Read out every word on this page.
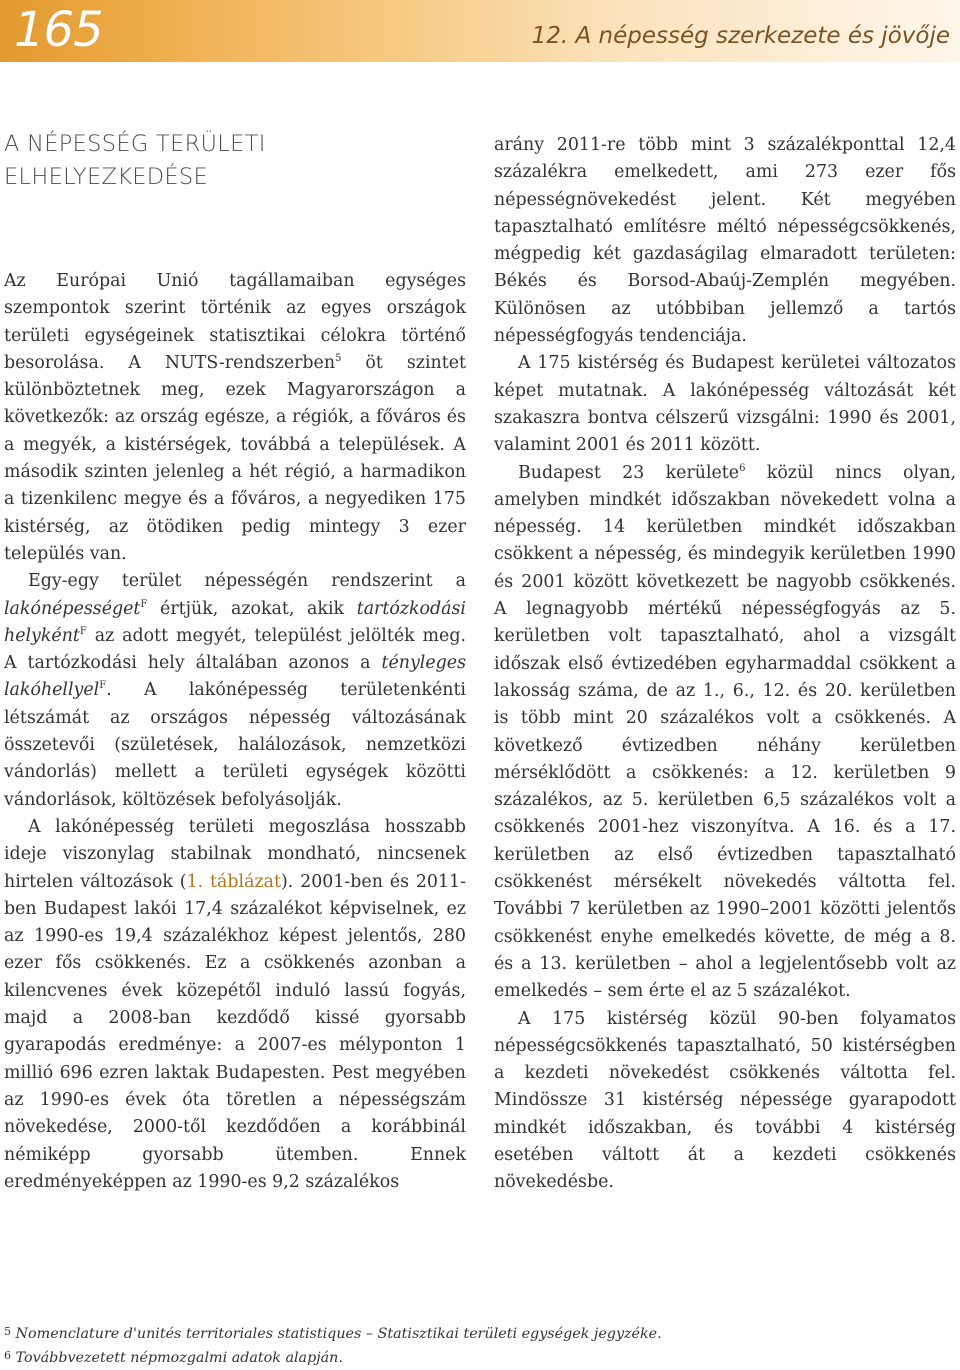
165	12. A népesség szerkezete és jövője
A NÉPESSÉG TERÜLETI
ELHELYEZKEDÉSE

Az Európai Unió tagállamaiban egységes szempontok szerint történik az egyes országok területi egységeinek statisztikai célokra történő besorolása. A NUTS-rendszerben$^5$ öt szintet különböztetnek meg, ezek Magyarországon a következők: az ország egésze, a régiók, a főváros és a megyék, a kistérségek, továbbá a települések. A második szinten jelenleg a hét régió, a harmadikon a tizenkilenc megye és a főváros, a negyediken 175 kistérség, az ötödiken pedig mintegy 3 ezer település van.

Egy-egy terület népességén rendszerint a lakónépességet$^F$ értjük, azokat, akik tartózkodási helyként$^F$ az adott megyét, települést jelölték meg. A tartózkodási hely általában azonos a tényleges lakóhellyel$^F$. A lakónépesség területenkénti létszámát az országos népesség változásának összetevői (születések, halálozások, nemzetközi vándorlás) mellett a területi egységek közötti vándorlások, költözések befolyásolják.

A lakónépesség területi megoszlása hosszabb ideje viszonylag stabilnak mondható, nincsenek hirtelen változások (1. táblázat). 2001-ben és 2011-ben Budapest lakói 17,4 százalékot képviselnek, ez az 1990-es 19,4 százalékhoz képest jelentős, 280 ezer fős csökkenés. Ez a csökkenés azonban a kilencvenes évek közepétől induló lassú fogyás, majd a 2008-ban kezdődő kissé gyorsabb gyarapodás eredménye: a 2007-es mélyponton 1 millió 696 ezren laktak Budapesten. Pest megyében az 1990-es évek óta töretlen a népességszám növekedése, 2000-től kezdődően a korábbinál némiképp gyorsabb ütemben. Ennek eredményeképpen az 1990-es 9,2 százalékos

arány 2011-re több mint 3 százalékponttal 12,4 százalékra emelkedett, ami 273 ezer fős népességnövekedést jelent. Két megyében tapasztalható említésre méltó népességcsökkenés, mégpedig két gazdaságilag elmaradott területen: Békés és Borsod-Abaúj-Zemplén megyében. Különösen az utóbbiban jellemző a tartós népességfogyás tendenciája.

A 175 kistérség és Budapest kerületei változatos képet mutatnak. A lakónépesség változását két szakaszra bontva célszerű vizsgálni: 1990 és 2001, valamint 2001 és 2011 között.

Budapest 23 kerülete$^6$ közül nincs olyan, amelyben mindkét időszakban növekedett volna a népesség. 14 kerületben mindkét időszakban csökkent a népesség, és mindegyik kerületben 1990 és 2001 között következett be nagyobb csökkenés. A legnagyobb mértékű népességfogyás az 5. kerületben volt tapasztalható, ahol a vizsgált időszak első évtizedében egyharmaddal csökkent a lakosság száma, de az 1., 6., 12. és 20. kerületben is több mint 20 százalékos volt a csökkenés. A következő évtizedben néhány kerületben mérséklődött a csökkenés: a 12. kerületben 9 százalékos, az 5. kerületben 6,5 százalékos volt a csökkenés 2001-hez viszonyítva. A 16. és a 17. kerületben az első évtizedben tapasztalható csökkenést mérsékelt növekedés váltotta fel. További 7 kerületben az 1990–2001 közötti jelentős csökkenést enyhe emelkedés követte, de még a 8. és a 13. kerületben – ahol a legjelentősebb volt az emelkedés – sem érte el az 5 százalékot.

A 175 kistérség közül 90-ben folyamatos népességcsökkenés tapasztalható, 50 kistérségben a kezdeti növekedést csökkenés váltotta fel. Mindössze 31 kistérség népessége gyarapodott mindkét időszakban, és további 4 kistérség esetében váltott át a kezdeti csökkenés növekedésbe.

$^5$ Nomenclature d'unités territoriales statistiques – Statisztikai területi egységek jegyzéke.

$^6$ Továbbvezetett népmozgalmi adatok alapján.
